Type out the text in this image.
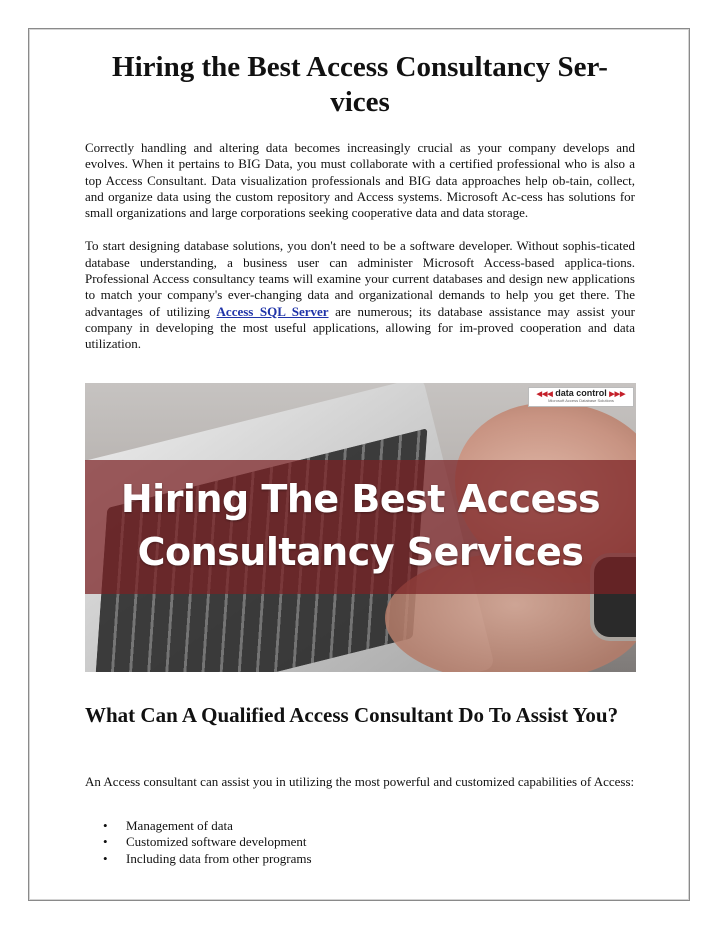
Hiring the Best Access Consultancy Ser-
vices

Correctly handling and altering data becomes increasingly crucial as your company develops and evolves. When it pertains to BIG Data, you must collaborate with a certified professional who is also a top Access Consultant. Data visualization professionals and BIG data approaches help ob-tain, collect, and organize data using the custom repository and Access systems. Microsoft Ac-cess has solutions for small organizations and large corporations seeking cooperative data and data storage.

To start designing database solutions, you don't need to be a software developer. Without sophis-ticated database understanding, a business user can administer Microsoft Access-based applica-tions. Professional Access consultancy teams will examine your current databases and design new applications to match your company's ever-changing data and organizational demands to help you get there. The advantages of utilizing Access SQL Server are numerous; its database assistance may assist your company in developing the most useful applications, allowing for im-proved cooperation and data utilization.

Hiring The Best Access
Consultancy Services
◀◀◀ data control ▶▶▶
Microsoft Access Database Solutions
What Can A Qualified Access Consultant Do To Assist You?

An Access consultant can assist you in utilizing the most powerful and customized capabilities of Access:

• Management of data
• Customized software development
• Including data from other programs
